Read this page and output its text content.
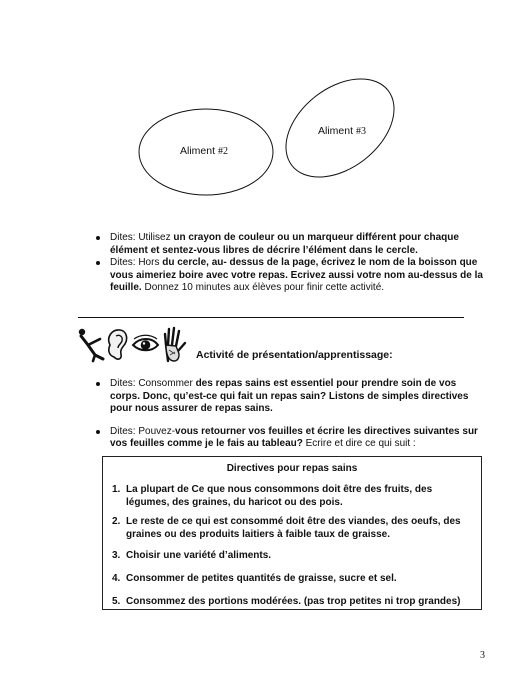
Aliment #2
Aliment #3

Dites: Utilisez un crayon de couleur ou un marqueur différent pour chaque élément et sentez-vous libres de décrire l’élément dans le cercle.

Dites: Hors du cercle, au- dessus de la page, écrivez le nom de la boisson que vous aimeriez boire avec votre repas. Ecrivez aussi votre nom au-dessus de la feuille. Donnez 10 minutes aux élèves pour finir cette activité.

Activité de présentation/apprentissage:

Dites: Consommer des repas sains est essentiel pour prendre soin de vos corps. Donc, qu’est-ce qui fait un repas sain? Listons de simples directives pour nous assurer de repas sains.

Dites: Pouvez-vous retourner vos feuilles et écrire les directives suivantes sur vos feuilles comme je le fais au tableau? Ecrire et dire ce qui suit :

Directives pour repas sains
1. La plupart de Ce que nous consommons doit être des fruits, des
légumes, des graines, du haricot ou des pois.
2. Le reste de ce qui est consommé doit être des viandes, des oeufs, des
graines ou des produits laitiers à faible taux de graisse.
3. Choisir une variété d’aliments.
4. Consommer de petites quantités de graisse, sucre et sel.
5. Consommez des portions modérées. (pas trop petites ni trop grandes)
3
